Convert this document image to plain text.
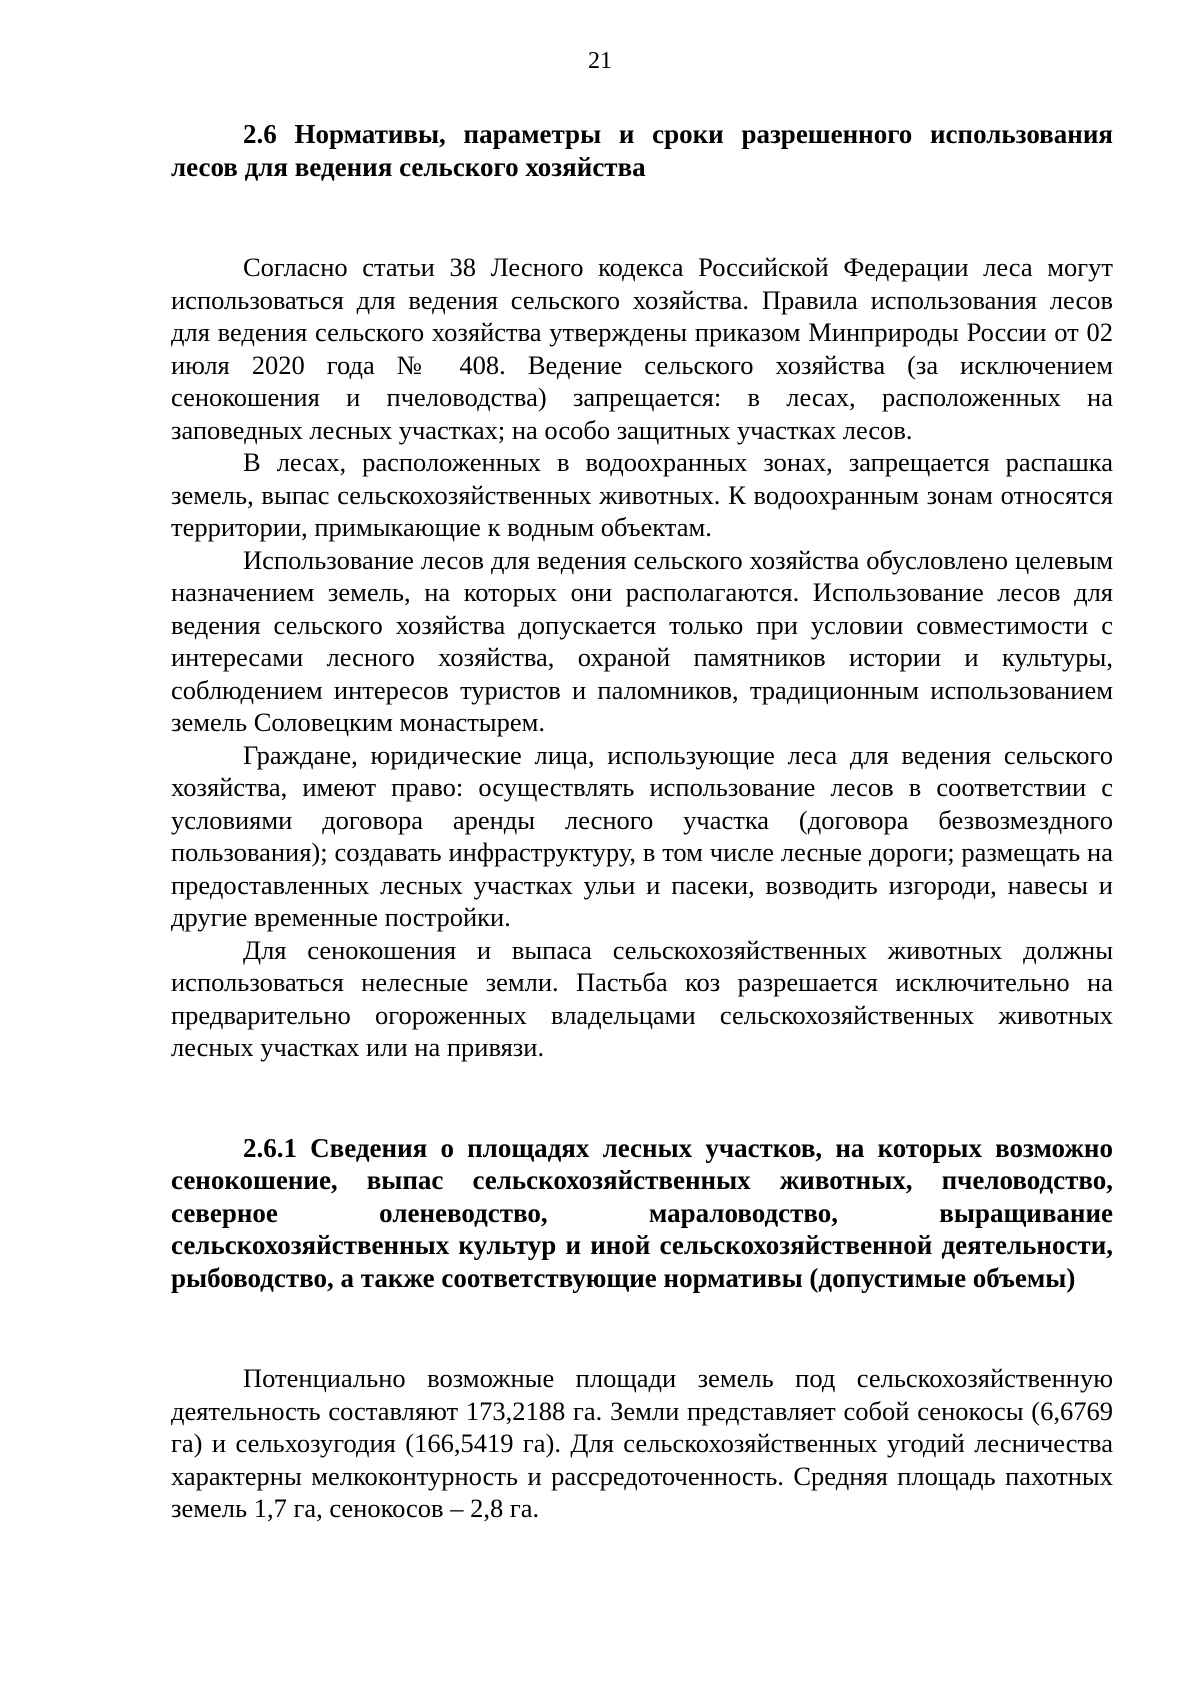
21
2.6 Нормативы, параметры и сроки разрешенного использования лесов для ведения сельского хозяйства

Согласно статьи 38 Лесного кодекса Российской Федерации леса могут использоваться для ведения сельского хозяйства. Правила использования лесов для ведения сельского хозяйства утверждены приказом Минприроды России от 02 июля 2020 года № 408. Ведение сельского хозяйства (за исключением сенокошения и пчеловодства) запрещается: в лесах, расположенных на заповедных лесных участках; на особо защитных участках лесов.

В лесах, расположенных в водоохранных зонах, запрещается распашка земель, выпас сельскохозяйственных животных. К водоохранным зонам относятся территории, примыкающие к водным объектам.

Использование лесов для ведения сельского хозяйства обусловлено целевым назначением земель, на которых они располагаются. Использование лесов для ведения сельского хозяйства допускается только при условии совместимости с интересами лесного хозяйства, охраной памятников истории и культуры, соблюдением интересов туристов и паломников, традиционным использованием земель Соловецким монастырем.

Граждане, юридические лица, использующие леса для ведения сельского хозяйства, имеют право: осуществлять использование лесов в соответствии с условиями договора аренды лесного участка (договора безвозмездного пользования); создавать инфраструктуру, в том числе лесные дороги; размещать на предоставленных лесных участках ульи и пасеки, возводить изгороди, навесы и другие временные постройки.

Для сенокошения и выпаса сельскохозяйственных животных должны использоваться нелесные земли. Пастьба коз разрешается исключительно на предварительно огороженных владельцами сельскохозяйственных животных лесных участках или на привязи.

2.6.1 Сведения о площадях лесных участков, на которых возможно сенокошение, выпас сельскохозяйственных животных, пчеловодство, северное оленеводство, мараловодство, выращивание сельскохозяйственных культур и иной сельскохозяйственной деятельности, рыбоводство, а также соответствующие нормативы (допустимые объемы)

Потенциально возможные площади земель под сельскохозяйственную деятельность составляют 173,2188 га. Земли представляет собой сенокосы (6,6769 га) и сельхозугодия (166,5419 га). Для сельскохозяйственных угодий лесничества характерны мелкоконтурность и рассредоточенность. Средняя площадь пахотных земель 1,7 га, сенокосов – 2,8 га.
